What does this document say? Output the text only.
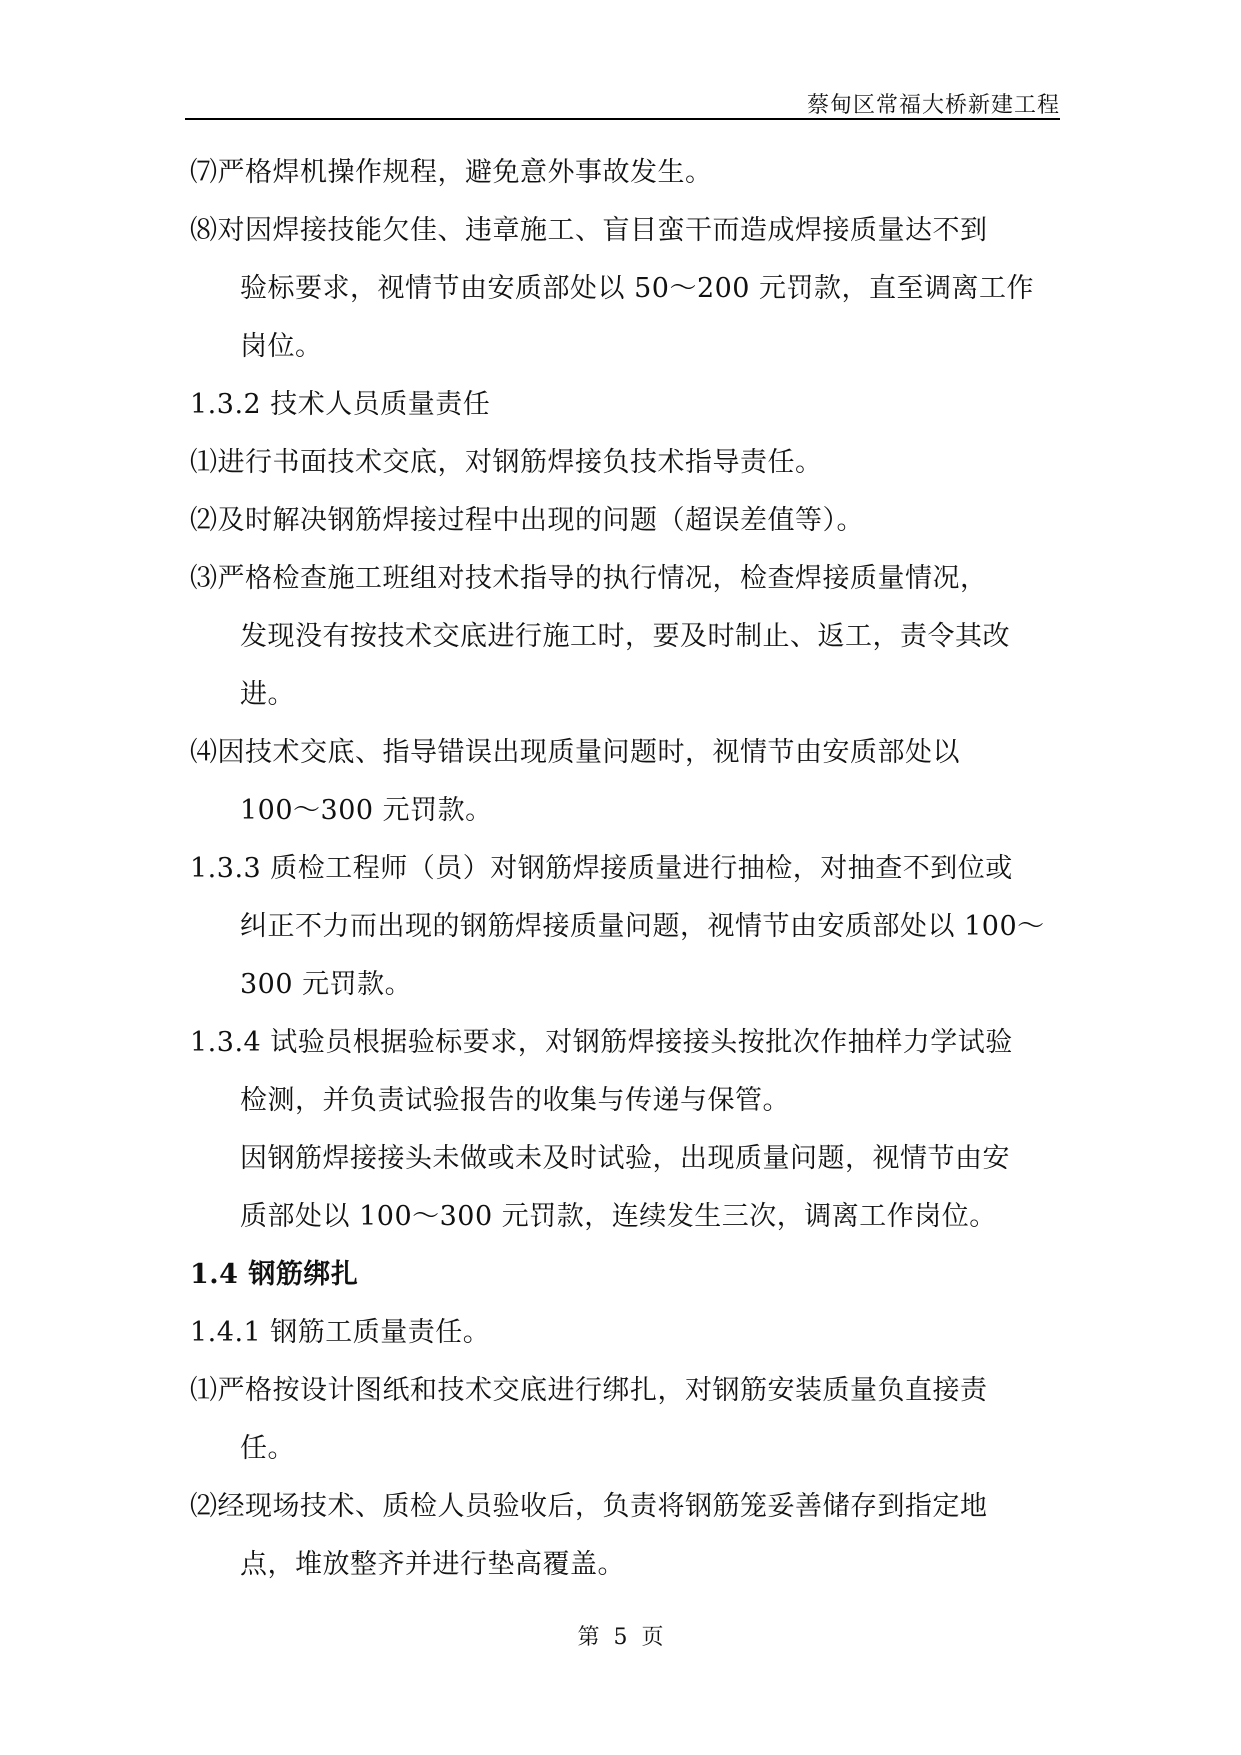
蔡甸区常福大桥新建工程
⑺严格焊机操作规程，避免意外事故发生。
⑻对因焊接技能欠佳、违章施工、盲目蛮干而造成焊接质量达不到
验标要求，视情节由安质部处以 50～200 元罚款，直至调离工作
岗位。
1.3.2 技术人员质量责任
⑴进行书面技术交底，对钢筋焊接负技术指导责任。
⑵及时解决钢筋焊接过程中出现的问题（超误差值等）。
⑶严格检查施工班组对技术指导的执行情况，检查焊接质量情况，
发现没有按技术交底进行施工时，要及时制止、返工，责令其改
进。
⑷因技术交底、指导错误出现质量问题时，视情节由安质部处以
100～300 元罚款。
1.3.3 质检工程师（员）对钢筋焊接质量进行抽检，对抽查不到位或
纠正不力而出现的钢筋焊接质量问题，视情节由安质部处以 100～
300 元罚款。
1.3.4 试验员根据验标要求，对钢筋焊接接头按批次作抽样力学试验
检测，并负责试验报告的收集与传递与保管。
因钢筋焊接接头未做或未及时试验，出现质量问题，视情节由安
质部处以 100～300 元罚款，连续发生三次，调离工作岗位。
1.4 钢筋绑扎
1.4.1 钢筋工质量责任。
⑴严格按设计图纸和技术交底进行绑扎，对钢筋安装质量负直接责
任。
⑵经现场技术、质检人员验收后，负责将钢筋笼妥善储存到指定地
点，堆放整齐并进行垫高覆盖。
第  5  页
